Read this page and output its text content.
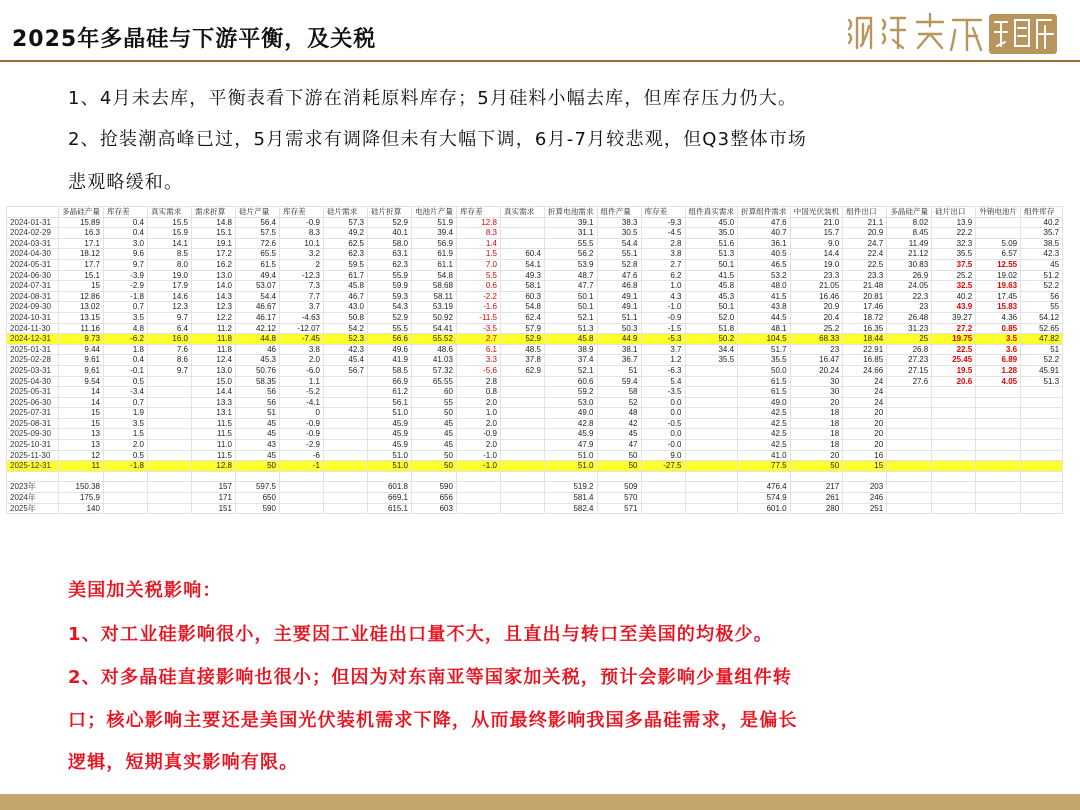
2025年多晶硅与下游平衡，及关税
1、4月未去库，平衡表看下游在消耗原料库存；5月硅料小幅去库，但库存压力仍大。
2、抢装潮高峰已过，5月需求有调降但未有大幅下调，6月-7月较悲观，但Q3整体市场
悲观略缓和。
	多晶硅产量	库存差	真实需求	需求折算	硅片产量	库存差	硅片需求	硅片折算	电池片产量	库存差	真实需求	折算电池需求	组件产量	库存差	组件真实需求	折算组件需求	中国光伏装机	组件出口	多晶硅产量	硅片出口	外销电池片	组件库存
2024-01-31	15.89	0.4	15.5	14.8	56.4	-0.9	57.3	52.9	51.9	12.8		39.1	38.3	-9.3	45.0	47.6	21.0	21.1	8.02	13.9		40.2
2024-02-29	16.3	0.4	15.9	15.1	57.5	8.3	49.2	40.1	39.4	8.3		31.1	30.5	-4.5	35.0	40.7	15.7	20.9	8.45	22.2		35.7
2024-03-31	17.1	3.0	14.1	19.1	72.6	10.1	62.5	58.0	56.9	1.4		55.5	54.4	2.8	51.6	36.1	9.0	24.7	11.49	32.3	5.09	38.5
2024-04-30	18.12	9.6	8.5	17.2	65.5	3.2	62.3	63.1	61.9	1.5	60.4	56.2	55.1	3.8	51.3	40.5	14.4	22.4	21.12	35.5	6.57	42.3
2024-05-31	17.7	9.7	8.0	16.2	61.5	2	59.5	62.3	61.1	7.0	54.1	53.9	52.8	2.7	50.1	46.5	19.0	22.5	30.83	37.5	12.55	45
2024-06-30	15.1	-3.9	19.0	13.0	49.4	-12.3	61.7	55.9	54.8	5.5	49.3	48.7	47.6	6.2	41.5	53.2	23.3	23.3	26.9	25.2	19.02	51.2
2024-07-31	15	-2.9	17.9	14.0	53.07	7.3	45.8	59.9	58.68	0.6	58.1	47.7	46.8	1.0	45.8	48.0	21.05	21.48	24.05	32.5	19.63	52.2
2024-08-31	12.86	-1.8	14.6	14.3	54.4	7.7	46.7	59.3	58.11	-2.2	60.3	50.1	49.1	4.3	45.3	41.5	16.46	20.81	22.3	40.2	17.45	56
2024-09-30	13.02	0.7	12.3	12.3	46.67	3.7	43.0	54.3	53.19	-1.6	54.8	50.1	49.1	-1.0	50.1	43.8	20.9	17.46	23	43.9	15.83	55
2024-10-31	13.15	3.5	9.7	12.2	46.17	-4.63	50.8	52.9	50.92	-11.5	62.4	52.1	51.1	-0.9	52.0	44.5	20.4	18.72	26.48	39.27	4.36	54.12
2024-11-30	11.16	4.8	6.4	11.2	42.12	-12.07	54.2	55.5	54.41	-3.5	57.9	51.3	50.3	-1.5	51.8	48.1	25.2	16.35	31.23	27.2	0.85	52.65
2024-12-31	9.73	-6.2	16.0	11.8	44.8	-7.45	52.3	56.6	55.52	2.7	52.9	45.8	44.9	-5.3	50.2	104.5	68.33	18.44	25	19.75	3.5	47.82
2025-01-31	9.44	1.8	7.6	11.8	46	3.8	42.3	49.6	48.6	6.1	48.5	38.9	38.1	3.7	34.4	51.7	23	22.91	26.8	22.5	3.6	51
2025-02-28	9.61	0.4	8.6	12.4	45.3	2.0	45.4	41.9	41.03	3.3	37.8	37.4	36.7	1.2	35.5	35.5	16.47	16.85	27.23	25.45	6.89	52.2
2025-03-31	9.61	-0.1	9.7	13.0	50.76	-6.0	56.7	58.5	57.32	-5.6	62.9	52.1	51	-6.3		50.0	20.24	24.66	27.15	19.5	1.28	45.91
2025-04-30	9.54	0.5		15.0	58.35	1.1		66.9	65.55	2.8		60.6	59.4	5.4		61.5	30	24	27.6	20.6	4.05	51.3
2025-05-31	14	-3.4		14.4	56	-5.2		61.2	60	0.8		59.2	58	-3.5		61.5	30	24				
2025-06-30	14	0.7		13.3	56	-4.1		56.1	55	2.0		53.0	52	0.0		49.0	20	24				
2025-07-31	15	1.9		13.1	51	0		51.0	50	1.0		49.0	48	0.0		42.5	18	20				
2025-08-31	15	3.5		11.5	45	-0.9		45.9	45	2.0		42.8	42	-0.5		42.5	18	20				
2025-09-30	13	1.5		11.5	45	-0.9		45.9	45	-0.9		45.9	45	0.0		42.5	18	20				
2025-10-31	13	2.0		11.0	43	-2.9		45.9	45	2.0		47.9	47	-0.0		42.5	18	20				
2025-11-30	12	0.5		11.5	45	-6		51.0	50	-1.0		51.0	50	9.0		41.0	20	16				
2025-12-31	11	-1.8		12.8	50	-1		51.0	50	-1.0		51.0	50	-27.5		77.5	50	15				

2023年	150.38			157	597.5			601.8	590			519.2	509			476.4	217	203				
2024年	175.9			171	650			669.1	656			581.4	570			574.9	261	246				
2025年	140			151	590			615.1	603			582.4	571			601.0	280	251				
美国加关税影响：
1、对工业硅影响很小，主要因工业硅出口量不大，且直出与转口至美国的均极少。
2、对多晶硅直接影响也很小；但因为对东南亚等国家加关税，预计会影响少量组件转
口；核心影响主要还是美国光伏装机需求下降，从而最终影响我国多晶硅需求，是偏长
逻辑，短期真实影响有限。
